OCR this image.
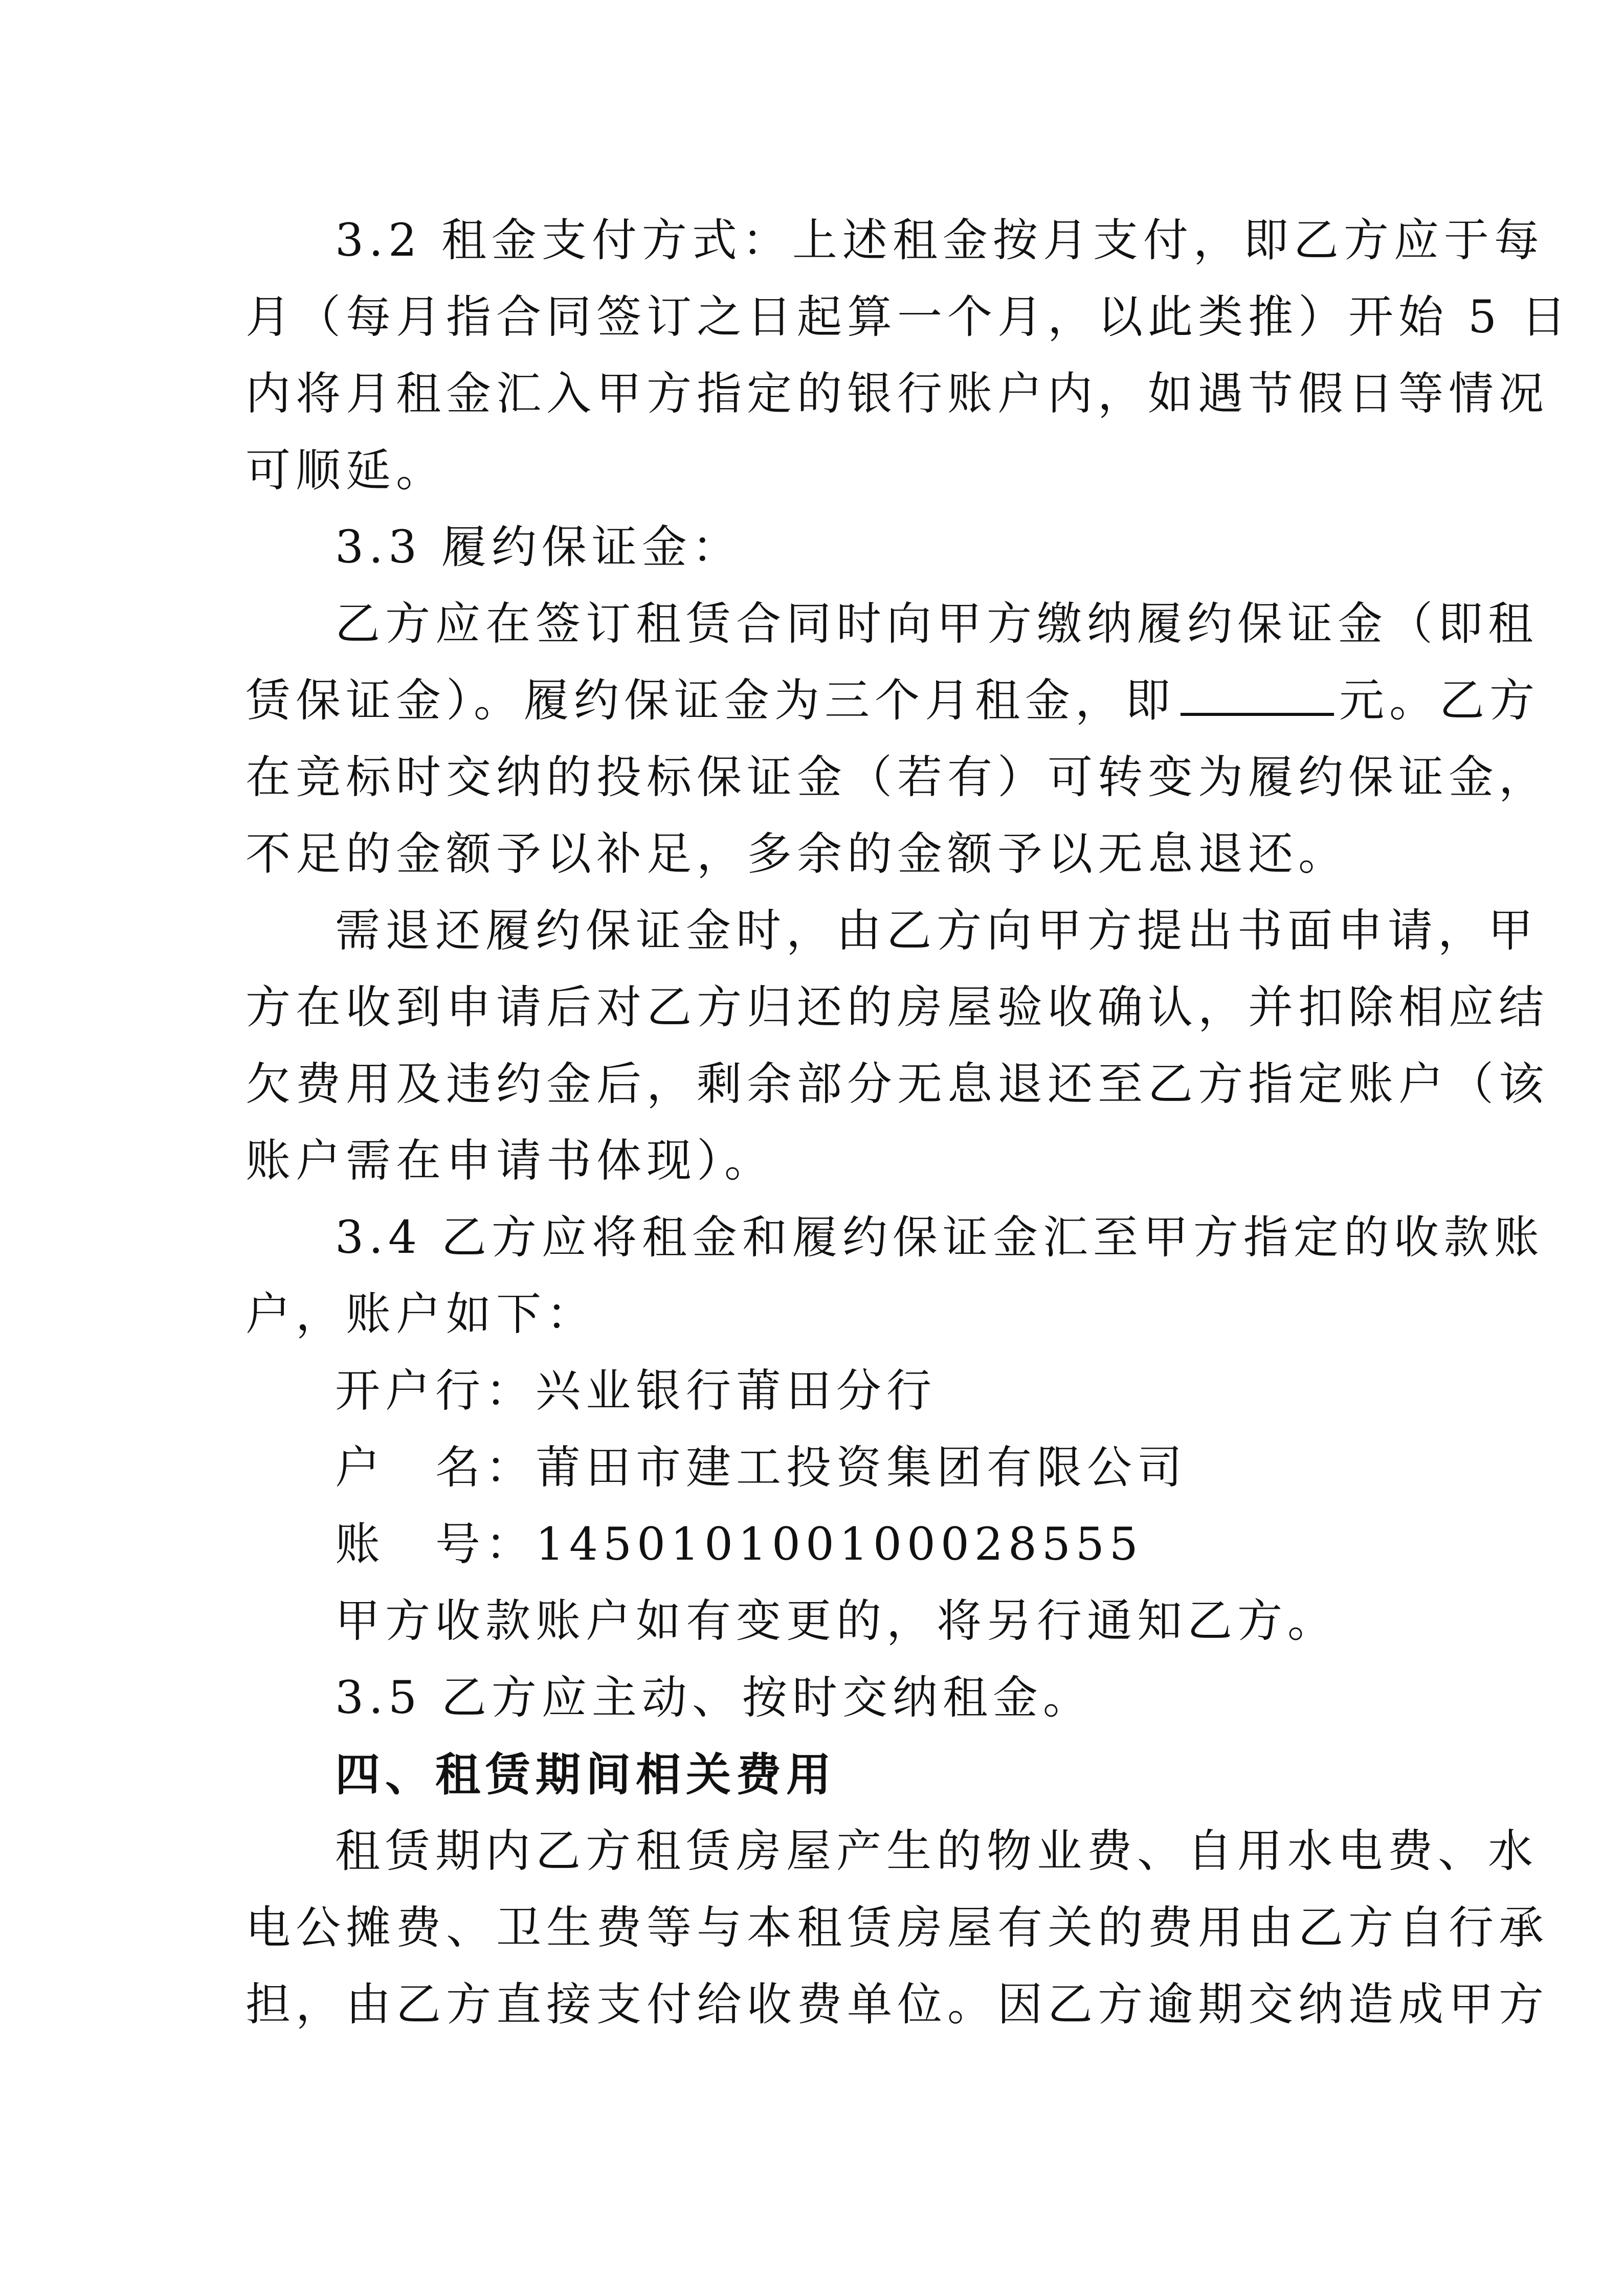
3.2 租金支付方式：上述租金按月支付，即乙方应于每
月（每月指合同签订之日起算一个月，以此类推）开始 5 日
内将月租金汇入甲方指定的银行账户内，如遇节假日等情况
可顺延。
3.3 履约保证金：
乙方应在签订租赁合同时向甲方缴纳履约保证金（即租
赁保证金）。履约保证金为三个月租金，即	元。乙方
在竞标时交纳的投标保证金（若有）可转变为履约保证金，
不足的金额予以补足，多余的金额予以无息退还。
需退还履约保证金时，由乙方向甲方提出书面申请，甲
方在收到申请后对乙方归还的房屋验收确认，并扣除相应结
欠费用及违约金后，剩余部分无息退还至乙方指定账户（该
账户需在申请书体现）。
3.4 乙方应将租金和履约保证金汇至甲方指定的收款账
户，账户如下：
开户行：兴业银行莆田分行
户　名：莆田市建工投资集团有限公司
账　号：145010100100028555
甲方收款账户如有变更的，将另行通知乙方。
3.5 乙方应主动、按时交纳租金。
四、租赁期间相关费用
租赁期内乙方租赁房屋产生的物业费、自用水电费、水
电公摊费、卫生费等与本租赁房屋有关的费用由乙方自行承
担，由乙方直接支付给收费单位。因乙方逾期交纳造成甲方
